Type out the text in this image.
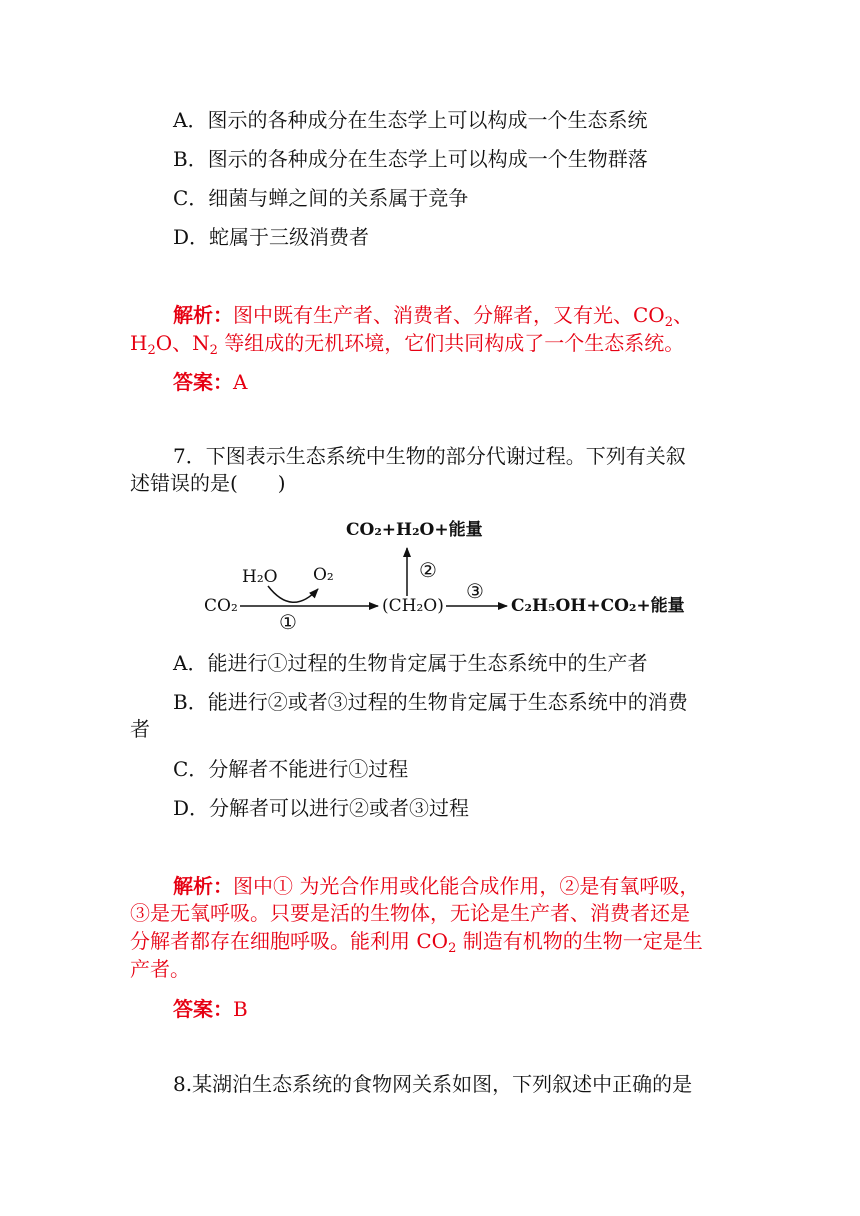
A．图示的各种成分在生态学上可以构成一个生态系统
B．图示的各种成分在生态学上可以构成一个生物群落
C．细菌与蝉之间的关系属于竞争
D．蛇属于三级消费者
解析：图中既有生产者、消费者、分解者，又有光、$CO_2$、
$H_2O$、$N_2$ 等组成的无机环境，它们共同构成了一个生态系统。
答案：A
7．下图表示生态系统中生物的部分代谢过程。下列有关叙
述错误的是(　　)
CO₂+H₂O+能量
②
H₂O O₂
CO₂
①
(CH₂O)
③
C₂H₅OH+CO₂+能量
A．能进行①过程的生物肯定属于生态系统中的生产者
B．能进行②或者③过程的生物肯定属于生态系统中的消费
者
C．分解者不能进行①过程
D．分解者可以进行②或者③过程
解析：图中① 为光合作用或化能合成作用，②是有氧呼吸，
③是无氧呼吸。只要是活的生物体，无论是生产者、消费者还是
分解者都存在细胞呼吸。能利用 $CO_2$ 制造有机物的生物一定是生
产者。
答案：B
8.某湖泊生态系统的食物网关系如图，下列叙述中正确的是
